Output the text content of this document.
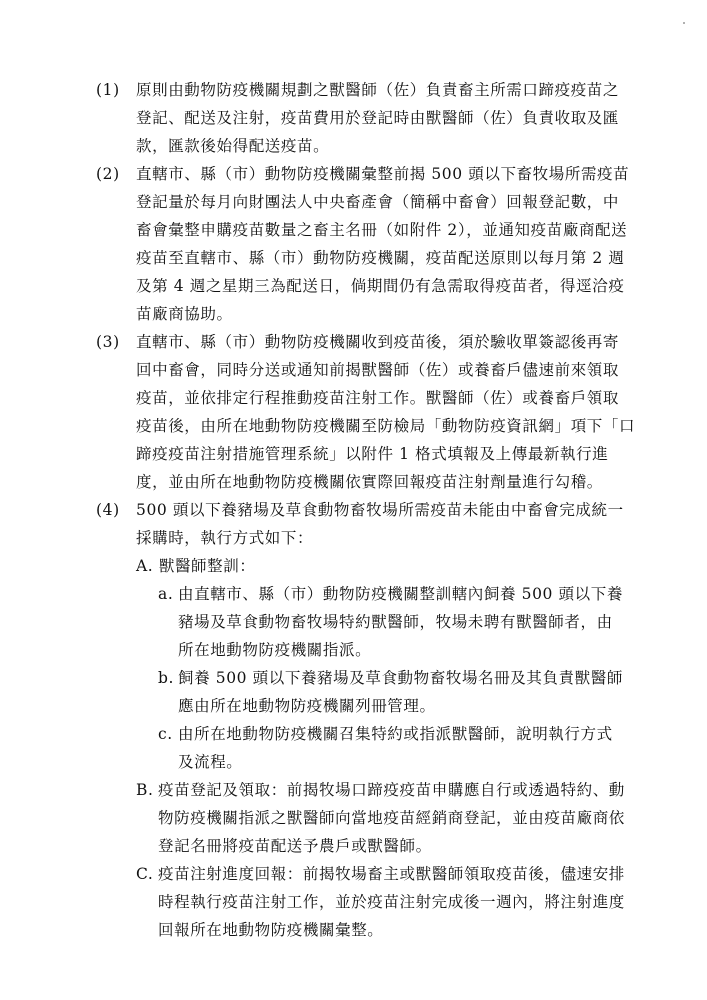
(1) 原則由動物防疫機關規劃之獸醫師（佐）負責畜主所需口蹄疫疫苗之
登記、配送及注射，疫苗費用於登記時由獸醫師（佐）負責收取及匯
款，匯款後始得配送疫苗。
(2) 直轄市、縣（市）動物防疫機關彙整前揭 500 頭以下畜牧場所需疫苗
登記量於每月向財團法人中央畜產會（簡稱中畜會）回報登記數，中
畜會彙整申購疫苗數量之畜主名冊（如附件 2），並通知疫苗廠商配送
疫苗至直轄市、縣（市）動物防疫機關，疫苗配送原則以每月第 2 週
及第 4 週之星期三為配送日，倘期間仍有急需取得疫苗者，得逕洽疫
苗廠商協助。
(3) 直轄市、縣（市）動物防疫機關收到疫苗後，須於驗收單簽認後再寄
回中畜會，同時分送或通知前揭獸醫師（佐）或養畜戶儘速前來領取
疫苗，並依排定行程推動疫苗注射工作。獸醫師（佐）或養畜戶領取
疫苗後，由所在地動物防疫機關至防檢局「動物防疫資訊網」項下「口
蹄疫疫苗注射措施管理系統」以附件 1 格式填報及上傳最新執行進
度，並由所在地動物防疫機關依實際回報疫苗注射劑量進行勾稽。
(4) 500 頭以下養豬場及草食動物畜牧場所需疫苗未能由中畜會完成統一
採購時，執行方式如下：
A. 獸醫師整訓：
a. 由直轄市、縣（市）動物防疫機關整訓轄內飼養 500 頭以下養
豬場及草食動物畜牧場特約獸醫師，牧場未聘有獸醫師者，由
所在地動物防疫機關指派。
b. 飼養 500 頭以下養豬場及草食動物畜牧場名冊及其負責獸醫師
應由所在地動物防疫機關列冊管理。
c. 由所在地動物防疫機關召集特約或指派獸醫師，說明執行方式
及流程。
B. 疫苗登記及領取：前揭牧場口蹄疫疫苗申購應自行或透過特約、動
物防疫機關指派之獸醫師向當地疫苗經銷商登記，並由疫苗廠商依
登記名冊將疫苗配送予農戶或獸醫師。
C. 疫苗注射進度回報：前揭牧場畜主或獸醫師領取疫苗後，儘速安排
時程執行疫苗注射工作，並於疫苗注射完成後一週內，將注射進度
回報所在地動物防疫機關彙整。
